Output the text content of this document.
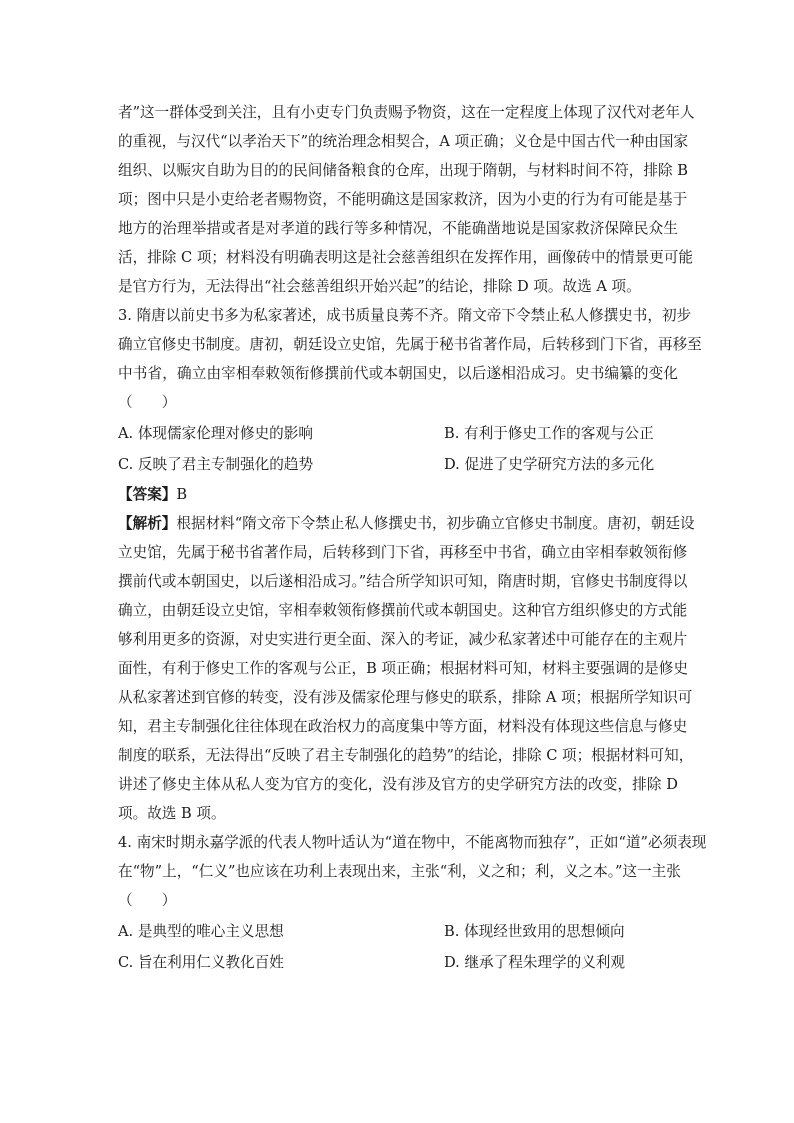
者”这一群体受到关注，且有小吏专门负责赐予物资，这在一定程度上体现了汉代对老年人
的重视，与汉代“以孝治天下”的统治理念相契合，A 项正确；义仓是中国古代一种由国家
组织、以赈灾自助为目的的民间储备粮食的仓库，出现于隋朝，与材料时间不符，排除 B
项；图中只是小吏给老者赐物资，不能明确这是国家救济，因为小吏的行为有可能是基于
地方的治理举措或者是对孝道的践行等多种情况，不能确凿地说是国家救济保障民众生
活，排除 C 项；材料没有明确表明这是社会慈善组织在发挥作用，画像砖中的情景更可能
是官方行为，无法得出“社会慈善组织开始兴起”的结论，排除 D 项。故选 A 项。
3. 隋唐以前史书多为私家著述，成书质量良莠不齐。隋文帝下令禁止私人修撰史书，初步
确立官修史书制度。唐初，朝廷设立史馆，先属于秘书省著作局，后转移到门下省，再移至
中书省，确立由宰相奉敕领衔修撰前代或本朝国史，以后遂相沿成习。史书编纂的变化
（　　）
A. 体现儒家伦理对修史的影响	B. 有利于修史工作的客观与公正
C. 反映了君主专制强化的趋势	D. 促进了史学研究方法的多元化
【答案】B
【解析】根据材料“隋文帝下令禁止私人修撰史书，初步确立官修史书制度。唐初，朝廷设
立史馆，先属于秘书省著作局，后转移到门下省，再移至中书省，确立由宰相奉敕领衔修
撰前代或本朝国史，以后遂相沿成习。”结合所学知识可知，隋唐时期，官修史书制度得以
确立，由朝廷设立史馆，宰相奉敕领衔修撰前代或本朝国史。这种官方组织修史的方式能
够利用更多的资源，对史实进行更全面、深入的考证，减少私家著述中可能存在的主观片
面性，有利于修史工作的客观与公正，B 项正确；根据材料可知，材料主要强调的是修史
从私家著述到官修的转变，没有涉及儒家伦理与修史的联系，排除 A 项；根据所学知识可
知，君主专制强化往往体现在政治权力的高度集中等方面，材料没有体现这些信息与修史
制度的联系，无法得出“反映了君主专制强化的趋势”的结论，排除 C 项；根据材料可知，
讲述了修史主体从私人变为官方的变化，没有涉及官方的史学研究方法的改变，排除 D
项。故选 B 项。
4. 南宋时期永嘉学派的代表人物叶适认为“道在物中，不能离物而独存”，正如“道”必须表现
在“物”上，“仁义”也应该在功利上表现出来，主张“利，义之和；利，义之本。”这一主张
（　　）
A. 是典型的唯心主义思想	B. 体现经世致用的思想倾向
C. 旨在利用仁义教化百姓	D. 继承了程朱理学的义利观
